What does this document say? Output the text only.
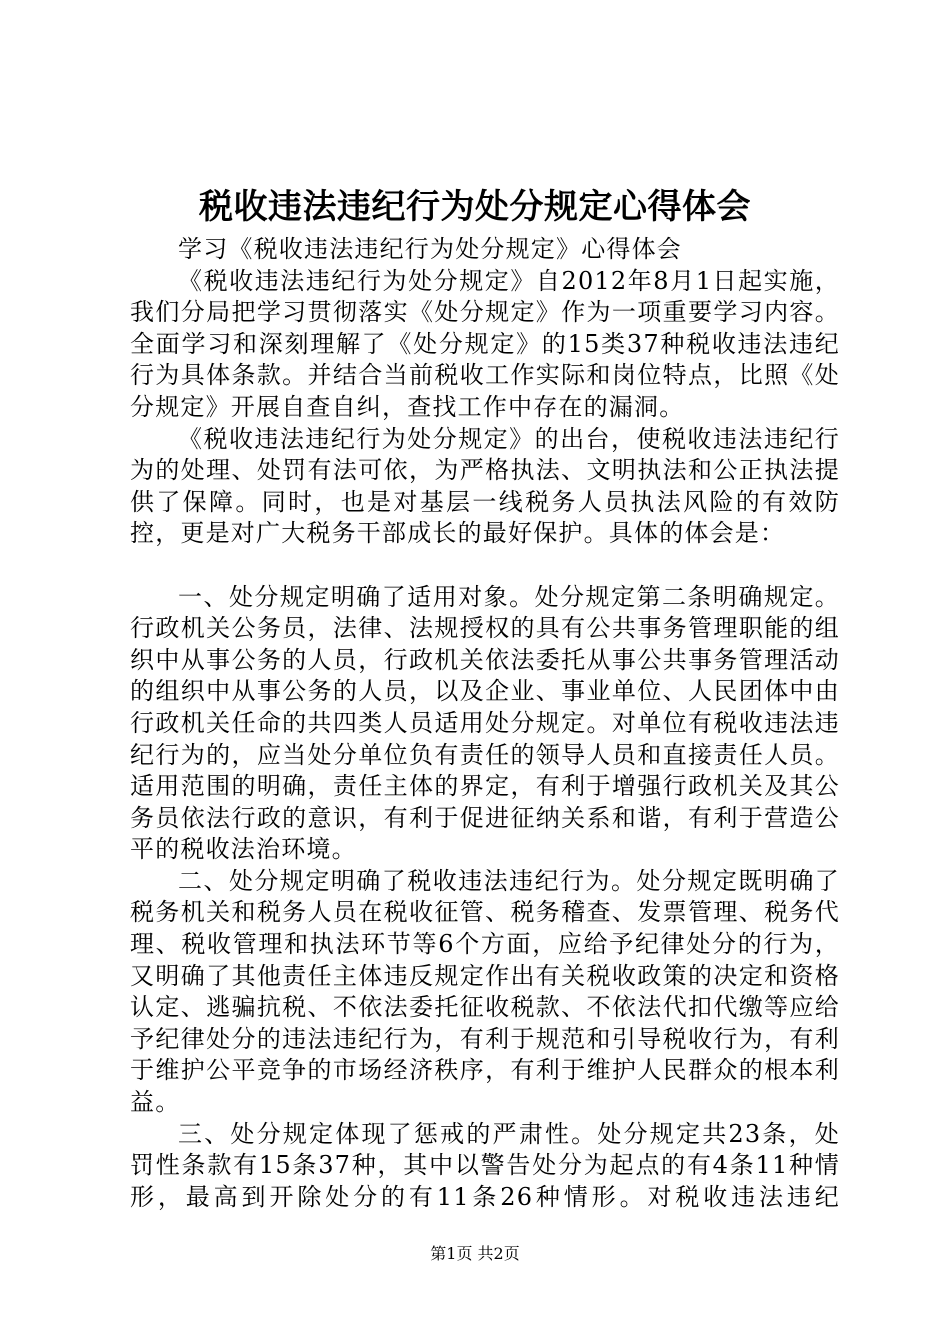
税收违法违纪行为处分规定心得体会

学习《税收违法违纪行为处分规定》心得体会

《税收违法违纪行为处分规定》自2012年8月1日起实施，我们分局把学习贯彻落实《处分规定》作为一项重要学习内容。全面学习和深刻理解了《处分规定》的15类37种税收违法违纪行为具体条款。并结合当前税收工作实际和岗位特点，比照《处分规定》开展自查自纠，查找工作中存在的漏洞。

《税收违法违纪行为处分规定》的出台，使税收违法违纪行为的处理、处罚有法可依，为严格执法、文明执法和公正执法提供了保障。同时，也是对基层一线税务人员执法风险的有效防控，更是对广大税务干部成长的最好保护。具体的体会是：

一、处分规定明确了适用对象。处分规定第二条明确规定。行政机关公务员，法律、法规授权的具有公共事务管理职能的组织中从事公务的人员，行政机关依法委托从事公共事务管理活动的组织中从事公务的人员，以及企业、事业单位、人民团体中由行政机关任命的共四类人员适用处分规定。对单位有税收违法违纪行为的，应当处分单位负有责任的领导人员和直接责任人员。适用范围的明确，责任主体的界定，有利于增强行政机关及其公务员依法行政的意识，有利于促进征纳关系和谐，有利于营造公平的税收法治环境。

二、处分规定明确了税收违法违纪行为。处分规定既明确了税务机关和税务人员在税收征管、税务稽查、发票管理、税务代理、税收管理和执法环节等6个方面，应给予纪律处分的行为，又明确了其他责任主体违反规定作出有关税收政策的决定和资格认定、逃骗抗税、不依法委托征收税款、不依法代扣代缴等应给予纪律处分的违法违纪行为，有利于规范和引导税收行为，有利于维护公平竞争的市场经济秩序，有利于维护人民群众的根本利益。

三、处分规定体现了惩戒的严肃性。处分规定共23条，处罚性条款有15条37种，其中以警告处分为起点的有4条11种情形，最高到开除处分的有11条26种情形。对税收违法违纪

第1页 共2页
